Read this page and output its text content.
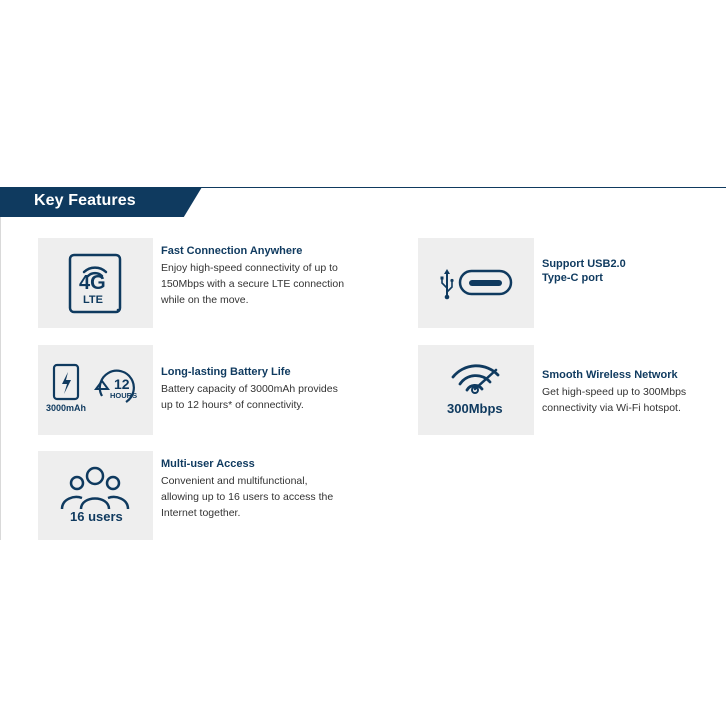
Key Features
4G
LTE

Fast Connection Anywhere

Enjoy high-speed connectivity of up to
150Mbps with a secure LTE connection
while on the move.

3000mAh
12
HOURS

Long-lasting Battery Life

Battery capacity of 3000mAh provides
up to 12 hours* of connectivity.

16 users

Multi-user Access

Convenient and multifunctional,
allowing up to 16 users to access the
Internet together.

Support USB2.0
Type-C port

300Mbps

Smooth Wireless Network

Get high-speed up to 300Mbps
connectivity via Wi-Fi hotspot.
